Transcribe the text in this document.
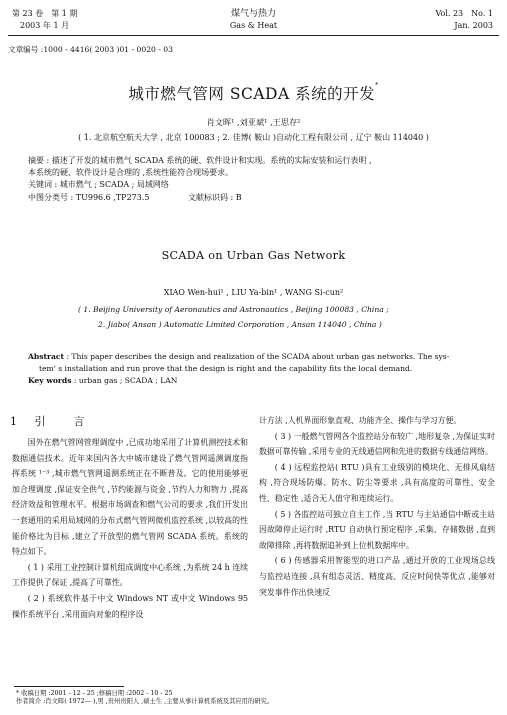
第 23 卷　第 1 期
2003 年 1 月
煤气与热力
Gas & Heat
Vol. 23　No. 1
Jan. 2003
文章编号 :1000 - 4416( 2003 )01 - 0020 - 03
城市燃气管网 SCADA 系统的开发*
肖文晖¹ ,刘亚斌¹ ,王思存²
( 1. 北京航空航天大学 , 北京 100083 ; 2. 佳博( 鞍山 )自动化工程有限公司 , 辽宁 鞍山 114040 )
摘要 : 描述了开发的城市燃气 SCADA 系统的硬、软件设计和实现。系统的实际安装和运行表明 ,
本系统的硬、软件设计是合理的 ,系统性能符合现场要求。
关键词 : 城市燃气 ; SCADA ; 局域网络
中图分类号 : TU996.6 ,TP273.5	文献标识码 : B
SCADA on Urban Gas Network
XIAO Wen-hui¹ , LIU Ya-bin¹ , WANG Si-cun²
( 1. Beijing University of Aeronautics and Astronautics , Beijing 100083 , China ;
2. Jiabo( Ansan ) Automatic Limited Corporation , Ansan 114040 , China )
Abstract : This paper describes the design and realization of the SCADA about urban gas networks. The sys-
tem' s installation and run prove that the design is right and the capability fits the local demand.
Key words : urban gas ; SCADA ; LAN
1 引　　言

国外在燃气管网管理调度中 ,已成功地采用了计算机测控技术和数据通信技术。近年来国内各大中城市建设了燃气管网遥测调度指挥系统 ¹⁻³ ,城市燃气管网遥测系统正在不断普及。它的使用能够更加合理调度 ,保证安全供气 ,节约能源与资金 ,节约人力和物力 ,提高经济效益和管理水平。根据市场调查和燃气公司的要求 ,我们开发出一套通用的采用局域网的分布式燃气管网微机监控系统 ,以较高的性能价格比为目标 ,建立了开放型的燃气管网 SCADA 系统。系统的特点如下。

( 1 ) 采用工业控制计算机组成调度中心系统 ,为系统 24 h 连续工作提供了保证 ,提高了可靠性。

( 2 ) 系统软件基于中文 Windows NT 或中文 Windows 95 操作系统平台 ,采用面向对象的程序设

计方法 ,人机界面形象直观、功能齐全、操作与学习方便。

( 3 ) 一般燃气管网各个监控站分布较广 ,地形复杂 ,为保证实时数据可靠传输 ,采用专业的无线通信网和先进的数据专线通信网络。

( 4 ) 远程监控站( RTU )具有工业级别的模块化、无排风扇结构 ,符合现场防爆、防水、防尘等要求 ,具有高度的可靠性、安全性、稳定性 ,适合无人值守和连续运行。

( 5 ) 各监控站可独立自主工作 ,当 RTU 与主站通信中断或主站因故障停止运行时 ,RTU 自动执行预定程序 ,采集、存储数据 ,直到故障排除 ,再将数据追补到上位机数据库中。

( 6 ) 传感器采用智能型的进口产品 ,通过开放的工业现场总线与监控站连接 ,具有组态灵活、精度高、反应时间快等优点 ,能够对突发事件作出快速反

* 收稿日期 :2001 - 12 - 25 ;修稿日期 :2002 - 10 - 25
作者简介 :肖文晖( 1972— ),男 ,贵州贵阳人 ,硕士生 ,主要从事计算机系统及其应用的研究。
